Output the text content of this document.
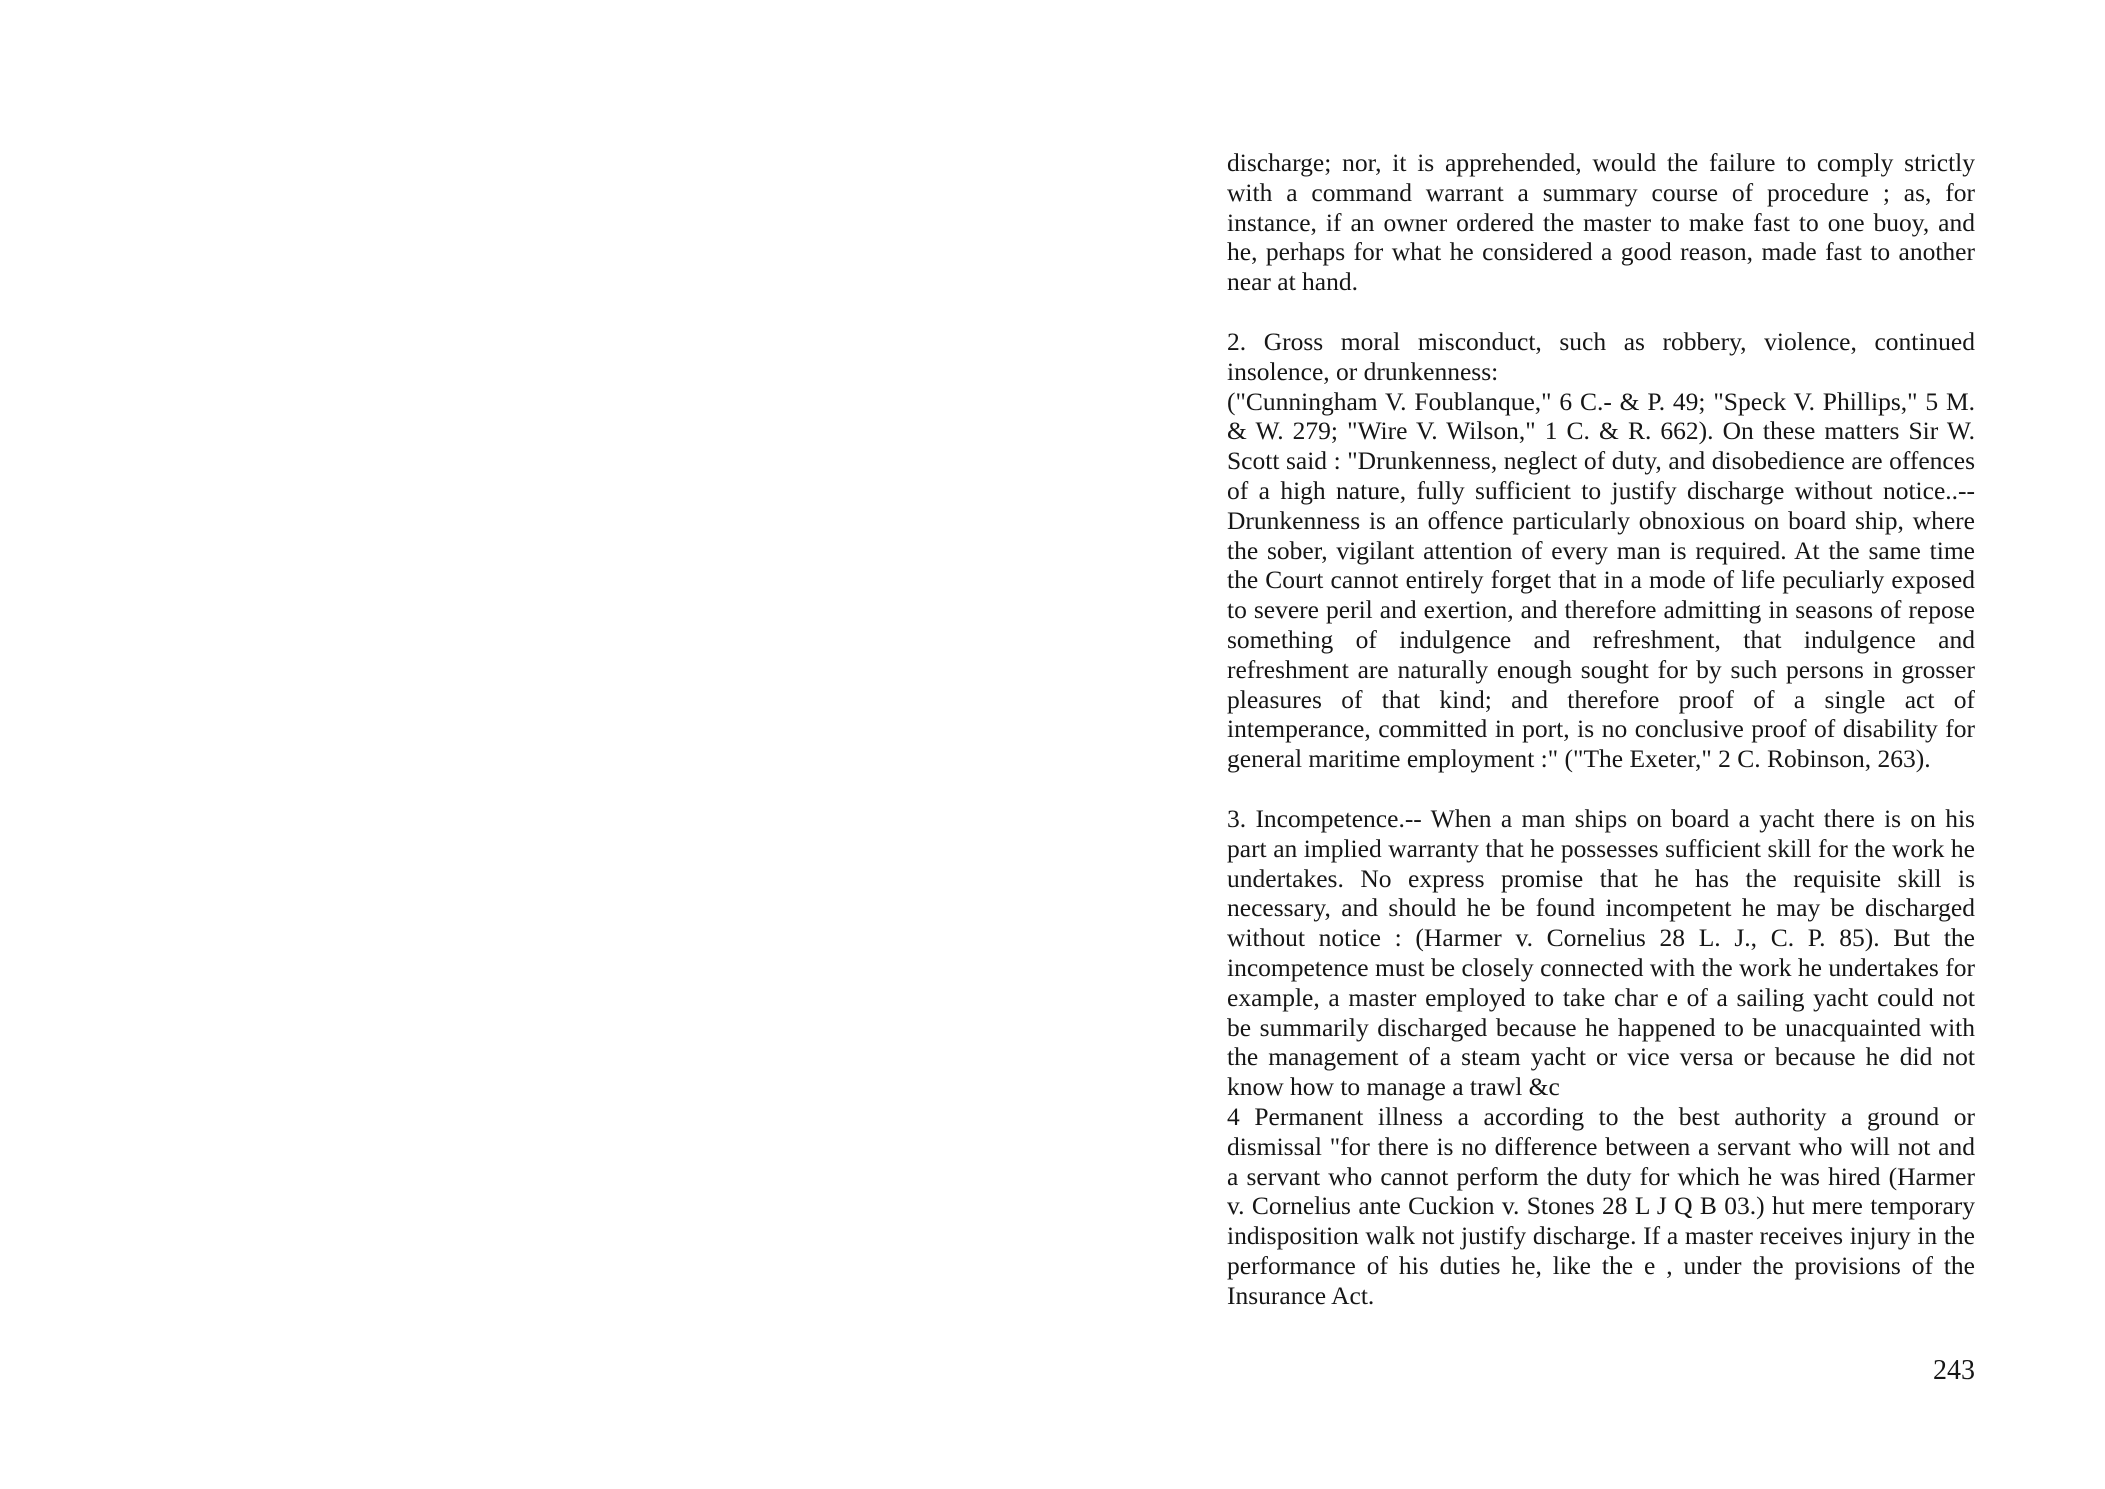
discharge; nor, it is apprehended, would the failure to comply strictly with a command warrant a summary course of procedure ; as, for instance, if an owner ordered the master to make fast to one buoy, and he, perhaps for what he considered a good reason, made fast to another near at hand.

2. Gross moral misconduct, such as robbery, violence, continued insolence, or drunkenness:

("Cunningham V. Foublanque," 6 C.- & P. 49; "Speck V. Phillips," 5 M. & W. 279; "Wire V. Wilson," 1 C. & R. 662). On these matters Sir W. Scott said : "Drunkenness, neglect of duty, and disobedience are offences of a high nature, fully sufficient to justify discharge without notice..-- Drunkenness is an offence particularly obnoxious on board ship, where the sober, vigilant attention of every man is required. At the same time the Court cannot entirely forget that in a mode of life peculiarly exposed to severe peril and exertion, and therefore admitting in seasons of repose something of indulgence and refreshment, that indulgence and refreshment are naturally enough sought for by such persons in grosser pleasures of that kind; and therefore proof of a single act of intemperance, committed in port, is no conclusive proof of disability for general maritime employment :" ("The Exeter," 2 C. Robinson, 263).

3. Incompetence.-- When a man ships on board a yacht there is on his part an implied warranty that he possesses sufficient skill for the work he undertakes. No express promise that he has the requisite skill is necessary, and should he be found incompetent he may be discharged without notice : (Harmer v. Cornelius 28 L. J., C. P. 85). But the incompetence must be closely connected with the work he undertakes for example, a master employed to take char e of a sailing yacht could not be summarily discharged because he happened to be unacquainted with the management of a steam yacht or vice versa or because he did not know how to manage a trawl &c

4 Permanent illness a according to the best authority a ground or dismissal "for there is no difference between a servant who will not and a servant who cannot perform the duty for which he was hired (Harmer v. Cornelius ante Cuckion v. Stones 28 L J Q B 03.) hut mere temporary indisposition walk not justify discharge. If a master receives injury in the performance of his duties he, like the e , under the provisions of the Insurance Act.

243
